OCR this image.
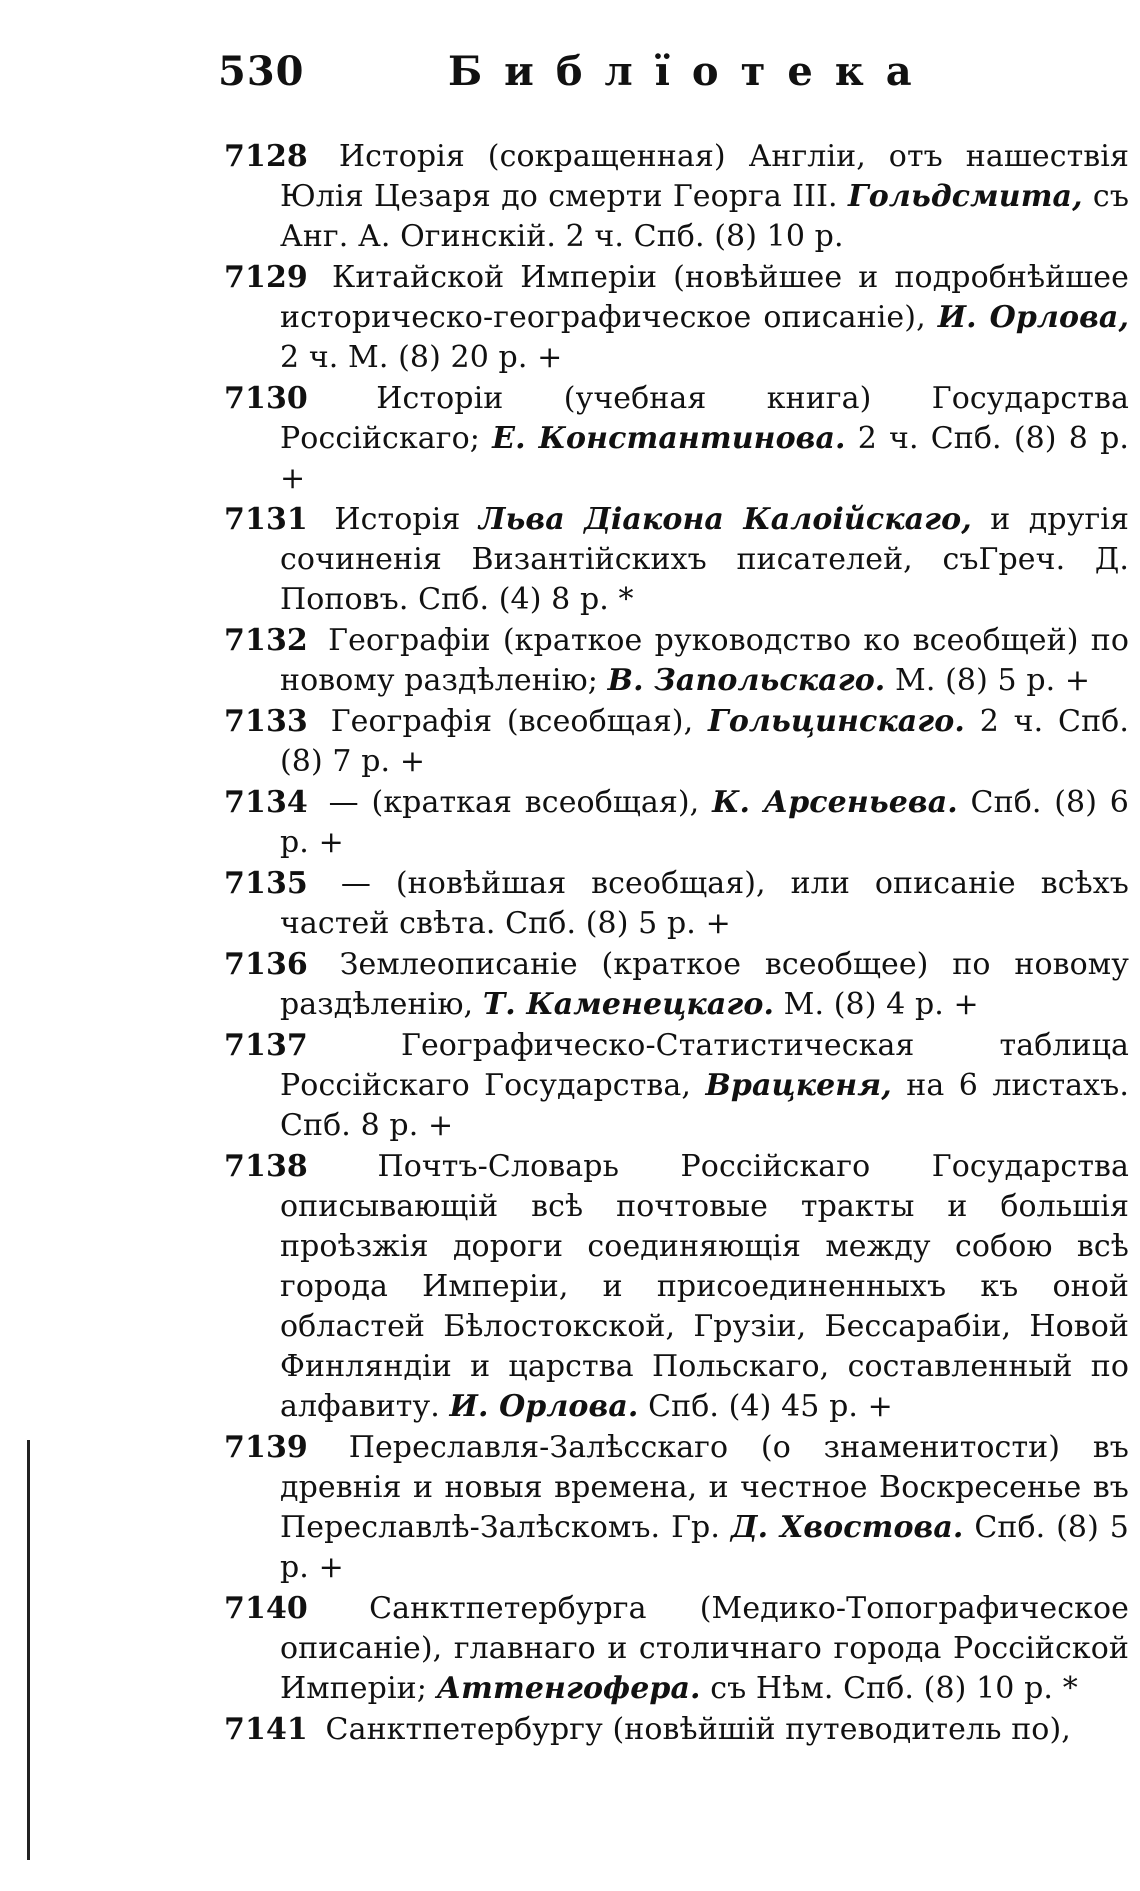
530	Библїотека

7128 Исторія (сокращенная) Англіи, отъ нашествія Юлія Цезаря до смерти Георга III. Гольдсмита, съ Анг. А. Огинскій. 2 ч. Спб. (8) 10 р.

7129 Китайской Имперіи (новѣйшее и подробнѣйшее историческо-географическое описаніе), И. Орлова, 2 ч. М. (8) 20 р. +

7130 Исторіи (учебная книга) Государства Россійскаго; Е. Константинова. 2 ч. Спб. (8) 8 р. +

7131 Исторія Льва Діакона Калоійскаго, и другія сочиненія Византійскихъ писателей, съГреч. Д. Поповъ. Спб. (4) 8 р. *

7132 Географіи (краткое руководство ко всеобщей) по новому раздѣленію; В. Запольскаго. М. (8) 5 р. +

7133 Географія (всеобщая), Гольцинскаго. 2 ч. Спб. (8) 7 р. +

7134 — (краткая всеобщая), К. Арсеньева. Спб. (8) 6 р. +

7135 — (новѣйшая всеобщая), или описаніе всѣхъ частей свѣта. Спб. (8) 5 р. +

7136 Землеописаніе (краткое всеобщее) по новому раздѣленію, Т. Каменецкаго. М. (8) 4 р. +

7137	Географическо-Статистическая таблица Россійскаго Государства, Врацкеня, на 6 листахъ. Спб. 8 р. +

7138 Почтъ-Словарь Россійскаго Государства описывающій всѣ почтовые тракты и большія проѣзжія дороги соединяющія между собою всѣ города Имперіи, и присоединенныхъ къ оной областей Бѣлостокской, Грузіи, Бессарабіи, Новой Финляндіи и царства Польскаго, составленный по алфавиту. И. Орлова. Спб. (4) 45 р. +

7139 Переславля-Залѣсскаго (о знаменитости) въ древнія и новыя времена, и честное Воскресенье въ Переславлѣ-Залѣскомъ. Гр. Д. Хвостова. Спб. (8) 5 р. +

7140 Санктпетербурга (Медико-Топографическое описаніе), главнаго и столичнаго города Россійской Имперіи; Аттенгофера. съ Нѣм. Спб. (8) 10 р. *

7141 Санктпетербургу (новѣйшій путеводитель по),
